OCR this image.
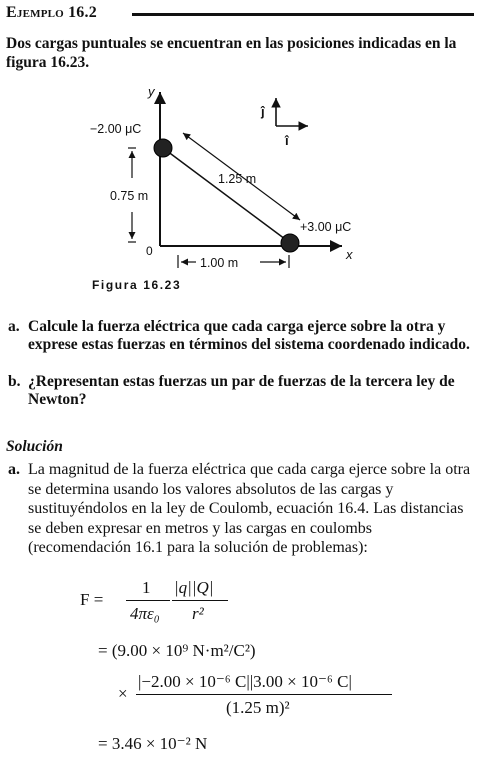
Ejemplo 16.2
Dos cargas puntuales se encuentran en las posiciones indicadas en la figura 16.23.
y
x
0
1.25 m
−2.00 μC
+3.00 μC
0.75 m
1.00 m
ĵ
î
Figura 16.23
a. Calcule la fuerza eléctrica que cada carga ejerce sobre la otra y exprese estas fuerzas en términos del sistema coordenado indicado.
b. ¿Representan estas fuerzas un par de fuerzas de la tercera ley de Newton?
Solución
a. La magnitud de la fuerza eléctrica que cada carga ejerce sobre la otra se determina usando los valores absolutos de las cargas y sustituyéndolos en la ley de Coulomb, ecuación 16.4. Las distancias se deben expresar en metros y las cargas en coulombs (recomendación 16.1 para la solución de problemas):
F =
1
4πε₀
|q||Q|
r²
= (9.00 × 10⁹ N·m²/C²)
×
|−2.00 × 10⁻⁶ C||3.00 × 10⁻⁶ C|
(1.25 m)²
= 3.46 × 10⁻² N
